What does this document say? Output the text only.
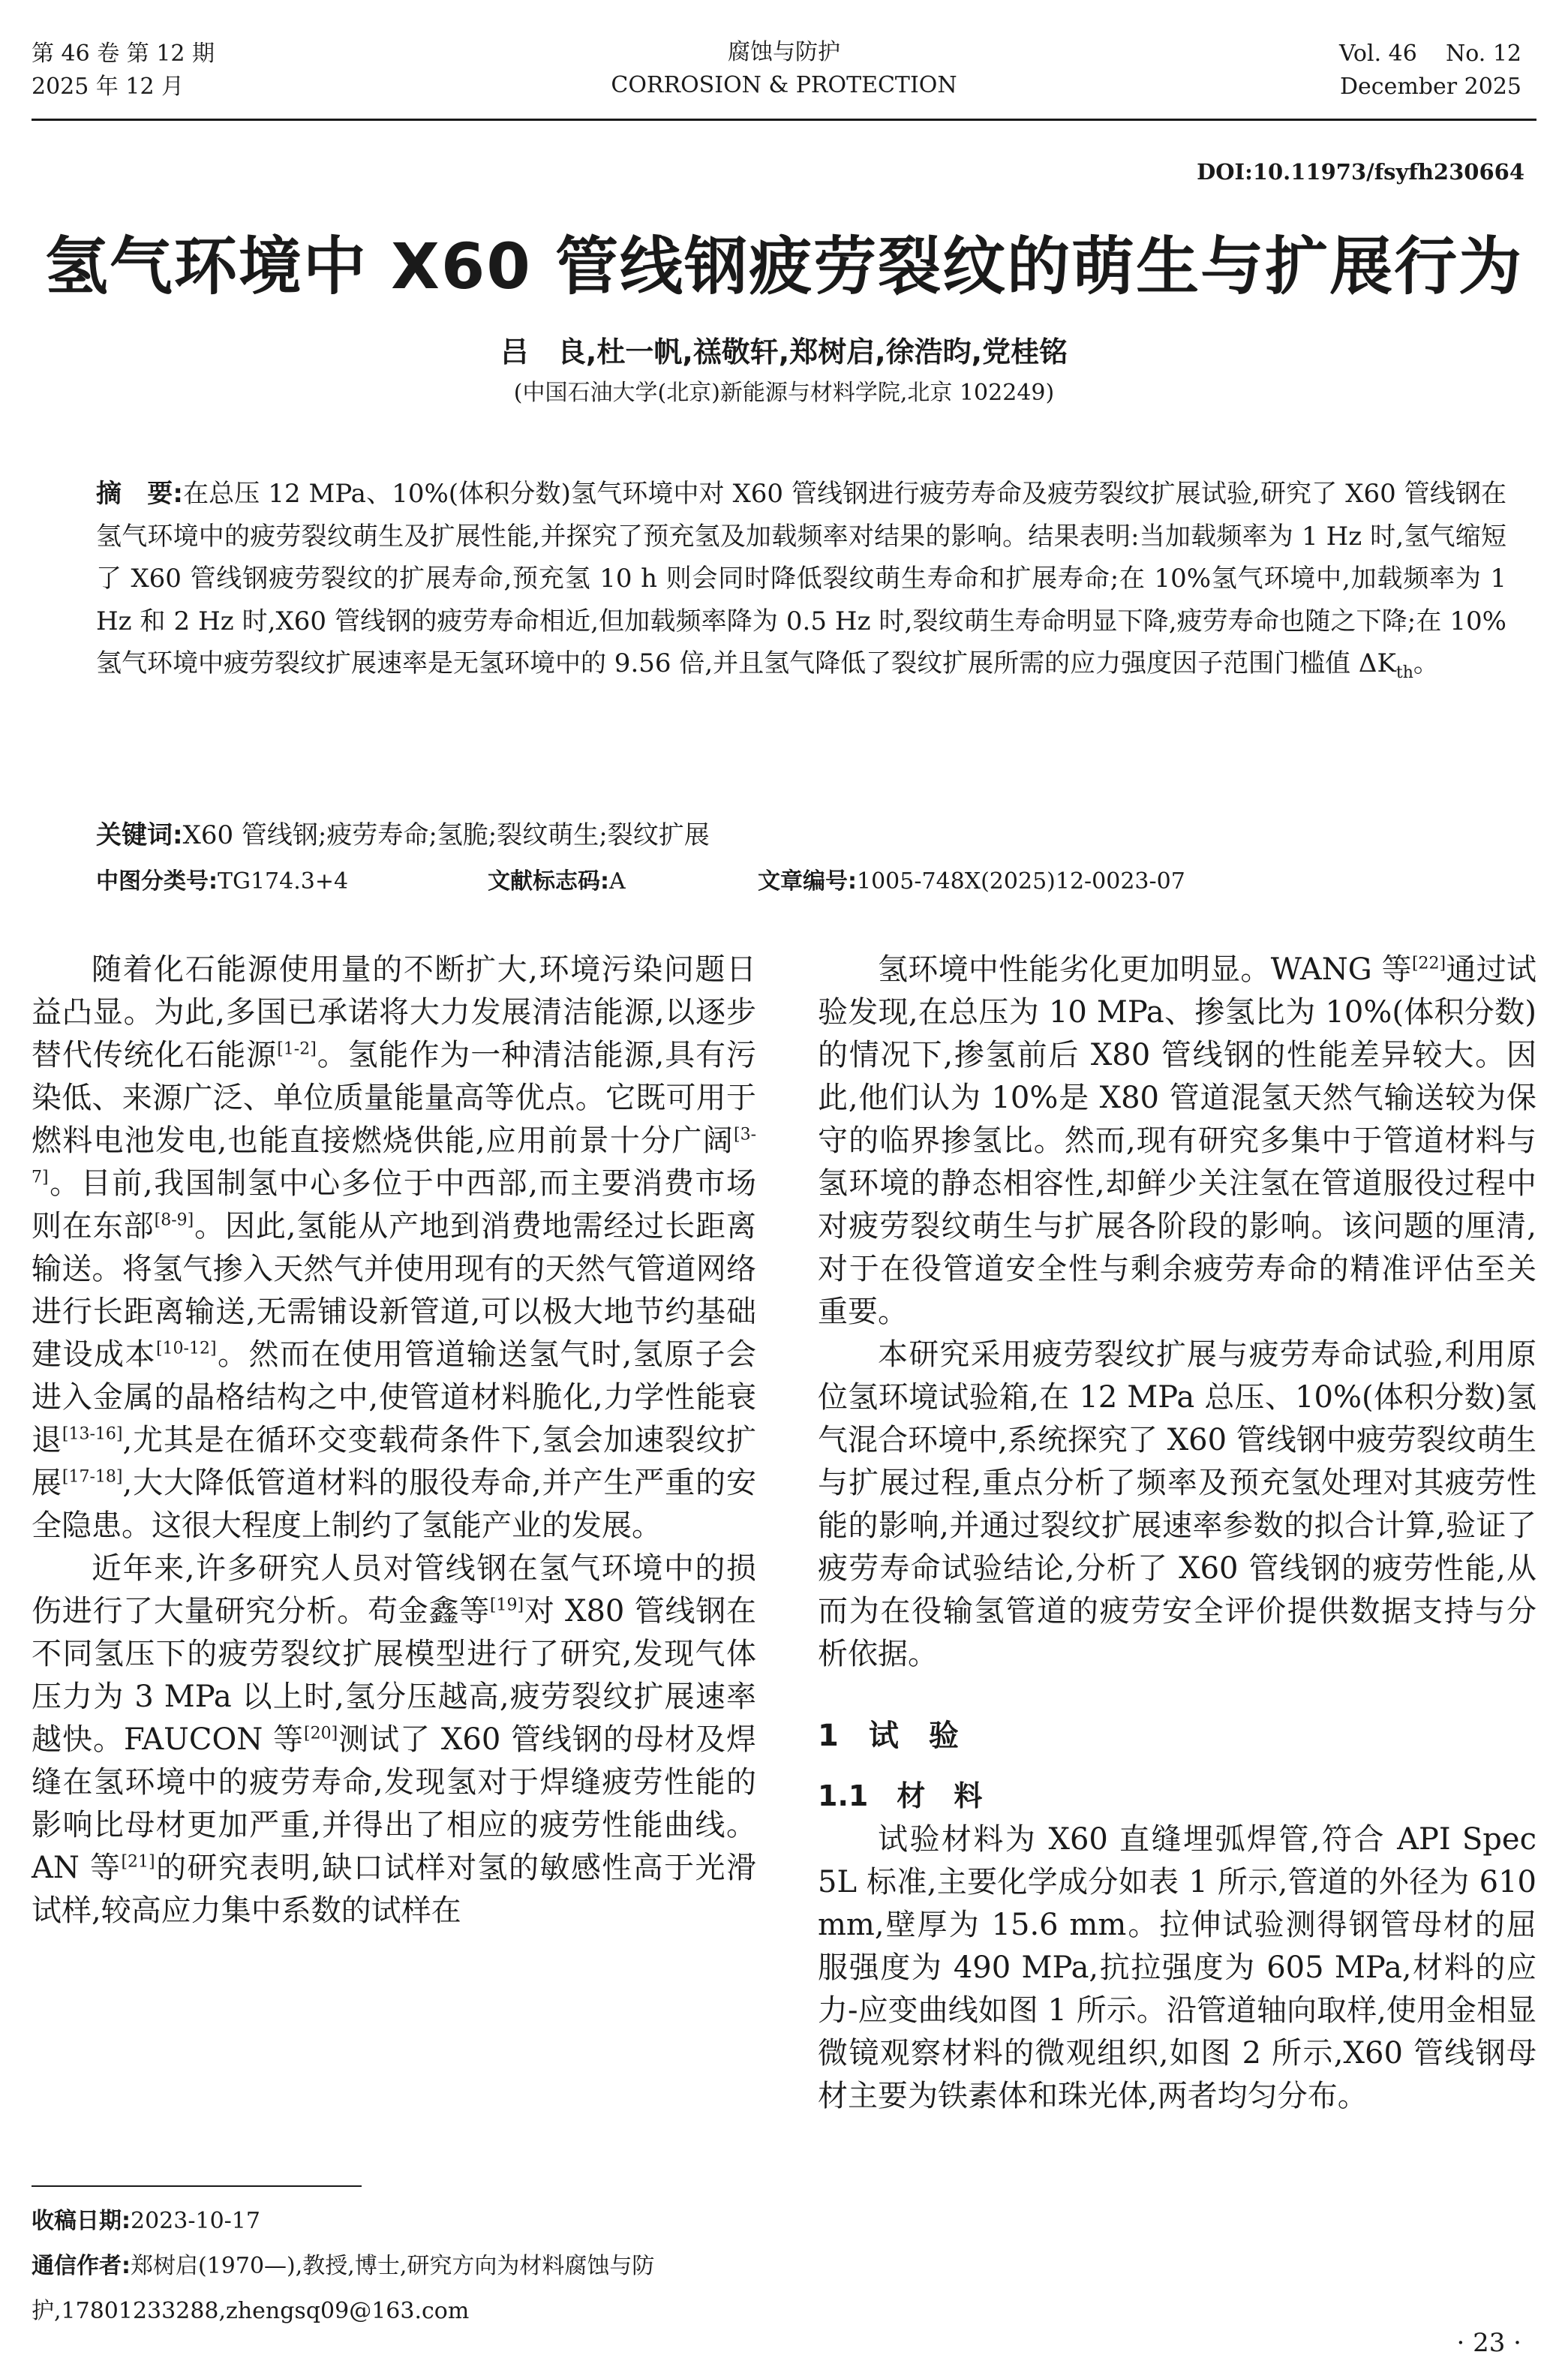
第 46 卷 第 12 期
2025 年 12 月
腐蚀与防护
CORROSION & PROTECTION
Vol. 46    No. 12
December 2025
DOI:10.11973/fsyfh230664
氢气环境中 X60 管线钢疲劳裂纹的萌生与扩展行为
吕　良,杜一帆,禚敬轩,郑树启,徐浩昀,党桂铭
(中国石油大学(北京)新能源与材料学院,北京 102249)
摘　要:在总压 12 MPa、10%(体积分数)氢气环境中对 X60 管线钢进行疲劳寿命及疲劳裂纹扩展试验,研究了 X60 管线钢在氢气环境中的疲劳裂纹萌生及扩展性能,并探究了预充氢及加载频率对结果的影响。结果表明:当加载频率为 1 Hz 时,氢气缩短了 X60 管线钢疲劳裂纹的扩展寿命,预充氢 10 h 则会同时降低裂纹萌生寿命和扩展寿命;在 10%氢气环境中,加载频率为 1 Hz 和 2 Hz 时,X60 管线钢的疲劳寿命相近,但加载频率降为 0.5 Hz 时,裂纹萌生寿命明显下降,疲劳寿命也随之下降;在 10%氢气环境中疲劳裂纹扩展速率是无氢环境中的 9.56 倍,并且氢气降低了裂纹扩展所需的应力强度因子范围门槛值 $\Delta K_{th}$。
关键词:X60 管线钢;疲劳寿命;氢脆;裂纹萌生;裂纹扩展
中图分类号:TG174.3+4	文献标志码:A	文章编号:1005-748X(2025)12-0023-07

随着化石能源使用量的不断扩大,环境污染问题日益凸显。为此,多国已承诺将大力发展清洁能源,以逐步替代传统化石能源[1-2]。氢能作为一种清洁能源,具有污染低、来源广泛、单位质量能量高等优点。它既可用于燃料电池发电,也能直接燃烧供能,应用前景十分广阔[3-7]。目前,我国制氢中心多位于中西部,而主要消费市场则在东部[8-9]。因此,氢能从产地到消费地需经过长距离输送。将氢气掺入天然气并使用现有的天然气管道网络进行长距离输送,无需铺设新管道,可以极大地节约基础建设成本[10-12]。然而在使用管道输送氢气时,氢原子会进入金属的晶格结构之中,使管道材料脆化,力学性能衰退[13-16],尤其是在循环交变载荷条件下,氢会加速裂纹扩展[17-18],大大降低管道材料的服役寿命,并产生严重的安全隐患。这很大程度上制约了氢能产业的发展。

近年来,许多研究人员对管线钢在氢气环境中的损伤进行了大量研究分析。苟金鑫等[19]对 X80 管线钢在不同氢压下的疲劳裂纹扩展模型进行了研究,发现气体压力为 3 MPa 以上时,氢分压越高,疲劳裂纹扩展速率越快。FAUCON 等[20]测试了 X60 管线钢的母材及焊缝在氢环境中的疲劳寿命,发现氢对于焊缝疲劳性能的影响比母材更加严重,并得出了相应的疲劳性能曲线。AN 等[21]的研究表明,缺口试样对氢的敏感性高于光滑试样,较高应力集中系数的试样在

氢环境中性能劣化更加明显。WANG 等[22]通过试验发现,在总压为 10 MPa、掺氢比为 10%(体积分数)的情况下,掺氢前后 X80 管线钢的性能差异较大。因此,他们认为 10%是 X80 管道混氢天然气输送较为保守的临界掺氢比。然而,现有研究多集中于管道材料与氢环境的静态相容性,却鲜少关注氢在管道服役过程中对疲劳裂纹萌生与扩展各阶段的影响。该问题的厘清,对于在役管道安全性与剩余疲劳寿命的精准评估至关重要。

本研究采用疲劳裂纹扩展与疲劳寿命试验,利用原位氢环境试验箱,在 12 MPa 总压、10%(体积分数)氢气混合环境中,系统探究了 X60 管线钢中疲劳裂纹萌生与扩展过程,重点分析了频率及预充氢处理对其疲劳性能的影响,并通过裂纹扩展速率参数的拟合计算,验证了疲劳寿命试验结论,分析了 X60 管线钢的疲劳性能,从而为在役输氢管道的疲劳安全评价提供数据支持与分析依据。

1　试　验
1.1　材　料

试验材料为 X60 直缝埋弧焊管,符合 API Spec 5L 标准,主要化学成分如表 1 所示,管道的外径为 610 mm,壁厚为 15.6 mm。拉伸试验测得钢管母材的屈服强度为 490 MPa,抗拉强度为 605 MPa,材料的应力-应变曲线如图 1 所示。沿管道轴向取样,使用金相显微镜观察材料的微观组织,如图 2 所示,X60 管线钢母材主要为铁素体和珠光体,两者均匀分布。

收稿日期:2023-10-17
通信作者:郑树启(1970—),教授,博士,研究方向为材料腐蚀与防护,17801233288,zhengsq09@163.com
· 23 ·
